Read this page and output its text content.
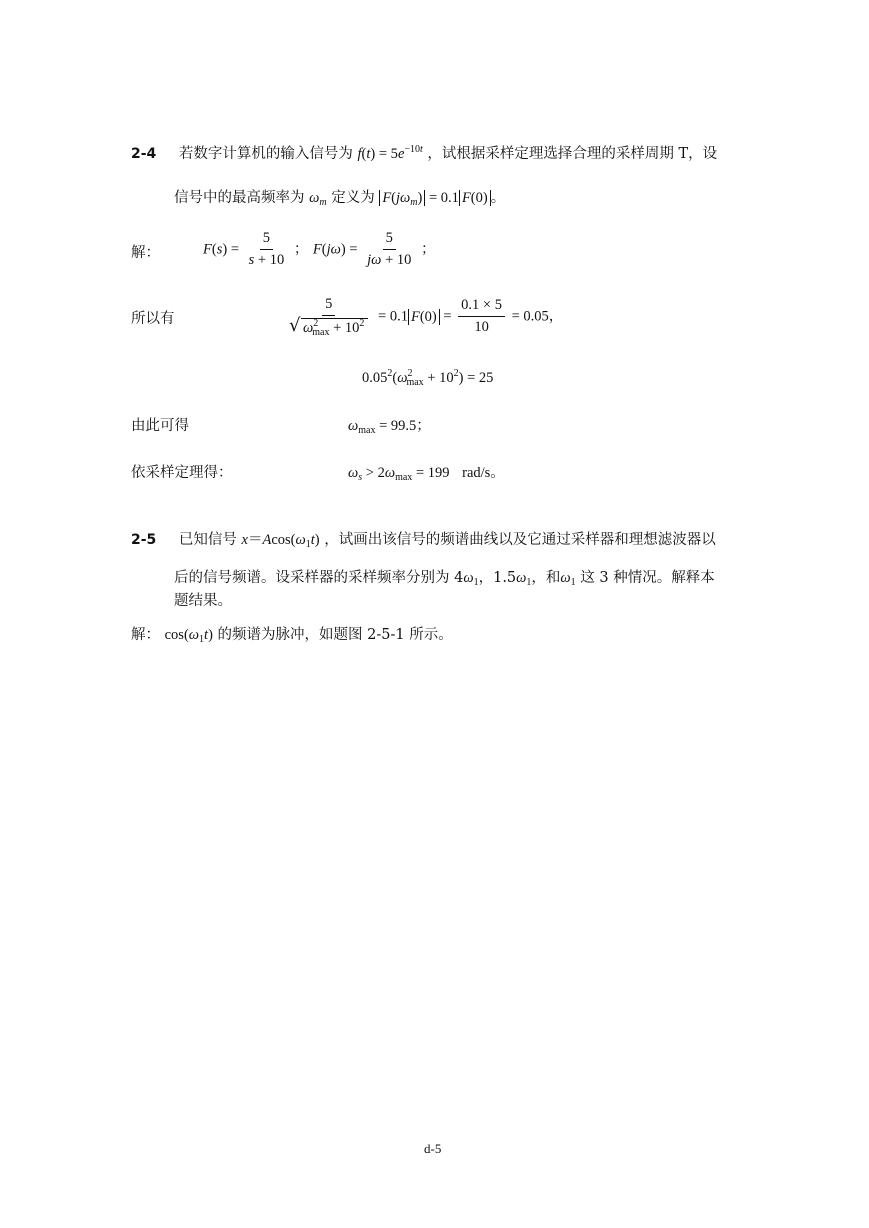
2-4 若数字计算机的输入信号为 $f(t) = 5e^{-10t}$ ，试根据采样定理选择合理的采样周期 T，设
信号中的最高频率为 $\omega_m$ 定义为 $F(j\omega_m) = 0.1$ F(0) 。
解：	$F(s) = \frac{5}{s + 10}$ ； $F(j\omega) = \frac{5}{j\omega + 10}$ ；
所以有	5
√ $\omega^2_{max} + 10^2 = 0.1$ $F(0) = \frac{0.1 \times 5}{10} = 0.05$，
$0.05^2(\omega^2_{max} + 10^2) = 25$
由此可得	$\omega_{max} = 99.5$；
依采样定理得：	$\omega_s > 2\omega_{max} = 199$ rad/s。
2-5 已知信号 $x=Acos(\omega_1t)$ ，试画出该信号的频谱曲线以及它通过采样器和理想滤波器以
后的信号频谱。设采样器的采样频率分别为 $4\omega_1$，$1.5\omega_1$，和$\omega_1$ 这 3 种情况。解释本
题结果。
解： $\cos(\omega_1t)$ 的频谱为脉冲，如题图 2-5-1 所示。
d-5
